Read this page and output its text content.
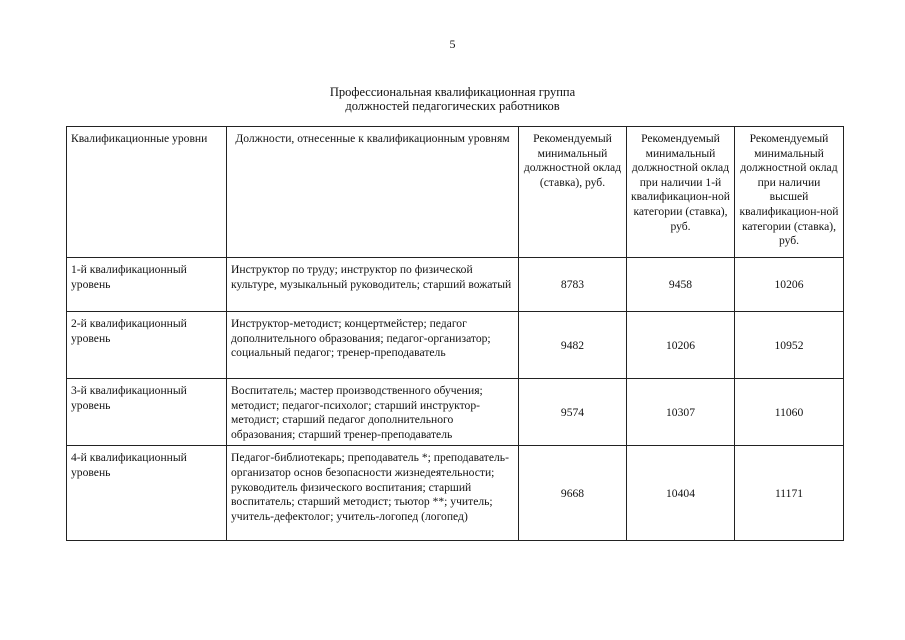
5
Профессиональная квалификационная группа
должностей педагогических работников
Квалификационные уровни	Должности, отнесенные к квалификационным уровням	Рекомендуемый минимальный должностной оклад (ставка), руб.	Рекомендуемый минимальный должностной оклад при наличии 1-й квалификацион-ной категории (ставка), руб.	Рекомендуемый минимальный должностной оклад при наличии высшей квалификацион-ной категории (ставка), руб.
1-й квалификационный уровень	Инструктор по труду; инструктор по физической культуре, музыкальный руководитель; старший вожатый	8783	9458	10206
2-й квалификационный уровень	Инструктор-методист; концертмейстер; педагог дополнительного образования; педагог-организатор; социальный педагог; тренер-преподаватель	9482	10206	10952
3-й квалификационный уровень	Воспитатель; мастер производственного обучения; методист; педагог-психолог; старший инструктор-методист; старший педагог дополнительного образования; старший тренер-преподаватель	9574	10307	11060
4-й квалификационный уровень	Педагог-библиотекарь; преподаватель *; преподаватель-организатор основ безопасности жизнедеятельности; руководитель физического воспитания; старший воспитатель; старший методист; тьютор **; учитель; учитель-дефектолог; учитель-логопед (логопед)	9668	10404	11171
